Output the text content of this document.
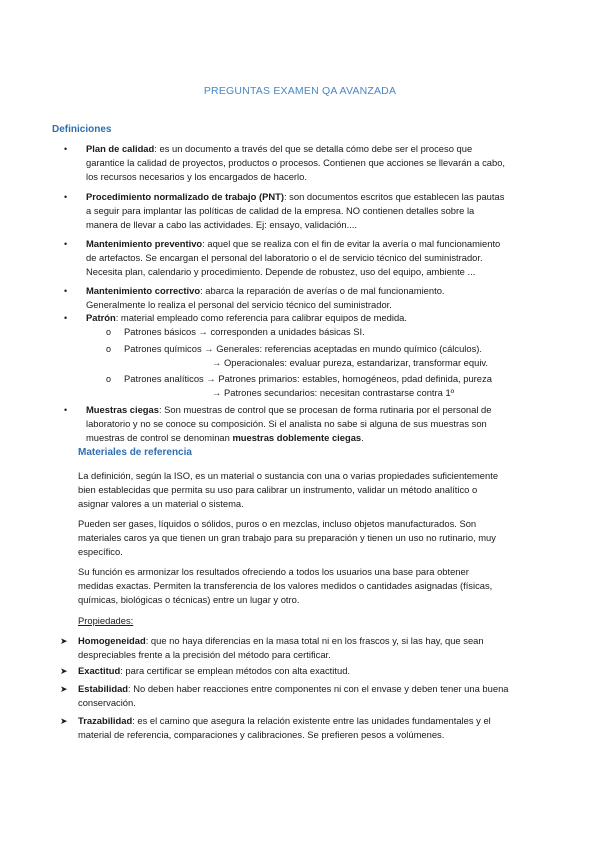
PREGUNTAS EXAMEN QA AVANZADA
Definiciones
• Plan de calidad: es un documento a través del que se detalla cómo debe ser el proceso que
garantice la calidad de proyectos, productos o procesos. Contienen que acciones se llevarán a cabo,
los recursos necesarios y los encargados de hacerlo.
• Procedimiento normalizado de trabajo (PNT): son documentos escritos que establecen las pautas
a seguir para implantar las políticas de calidad de la empresa. NO contienen detalles sobre la
manera de llevar a cabo las actividades. Ej: ensayo, validación....
• Mantenimiento preventivo: aquel que se realiza con el fin de evitar la avería o mal funcionamiento
de artefactos. Se encargan el personal del laboratorio o el de servicio técnico del suministrador.
Necesita plan, calendario y procedimiento. Depende de robustez, uso del equipo, ambiente ...
• Mantenimiento correctivo: abarca la reparación de averías o de mal funcionamiento.
Generalmente lo realiza el personal del servicio técnico del suministrador.
• Patrón: material empleado como referencia para calibrar equipos de medida.
o Patrones básicos → corresponden a unidades básicas SI.
o Patrones químicos → Generales: referencias aceptadas en mundo químico (cálculos).
→ Operacionales: evaluar pureza, estandarizar, transformar equiv.
o Patrones analíticos → Patrones primarios: estables, homogéneos, pdad definida, pureza
→ Patrones secundarios: necesitan contrastarse contra 1º
• Muestras ciegas: Son muestras de control que se procesan de forma rutinaria por el personal de
laboratorio y no se conoce su composición. Si el analista no sabe si alguna de sus muestras son
muestras de control se denominan muestras doblemente ciegas.
Materiales de referencia
La definición, según la ISO, es un material o sustancia con una o varias propiedades suficientemente
bien establecidas que permita su uso para calibrar un instrumento, validar un método analítico o
asignar valores a un material o sistema.
Pueden ser gases, líquidos o sólidos, puros o en mezclas, incluso objetos manufacturados. Son
materiales caros ya que tienen un gran trabajo para su preparación y tienen un uso no rutinario, muy
específico.
Su función es armonizar los resultados ofreciendo a todos los usuarios una base para obtener
medidas exactas. Permiten la transferencia de los valores medidos o cantidades asignadas (físicas,
químicas, biológicas o técnicas) entre un lugar y otro.
Propiedades:
➤ Homogeneidad: que no haya diferencias en la masa total ni en los frascos y, si las hay, que sean
despreciables frente a la precisión del método para certificar.
➤ Exactitud: para certificar se emplean métodos con alta exactitud.
➤ Estabilidad: No deben haber reacciones entre componentes ni con el envase y deben tener una buena
conservación.
➤ Trazabilidad: es el camino que asegura la relación existente entre las unidades fundamentales y el
material de referencia, comparaciones y calibraciones. Se prefieren pesos a volúmenes.
